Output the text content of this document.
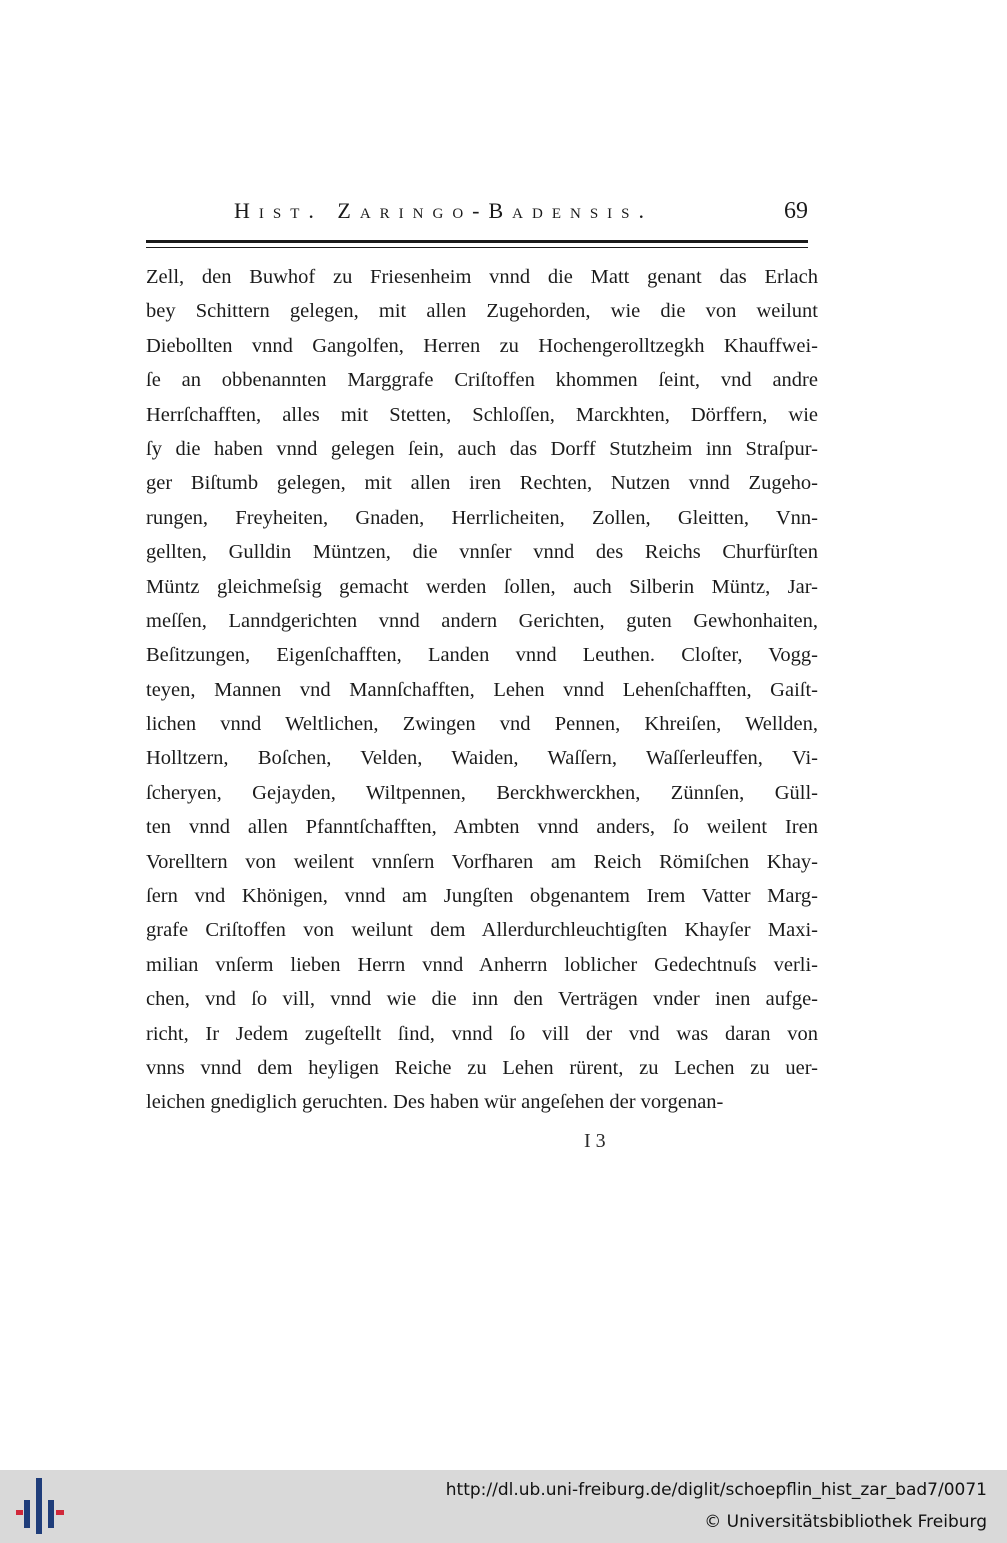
Hist. Zaringo-Badensis.	69
Zell, den Buwhof zu Friesenheim vnnd die Matt genant das Erlach
bey Schittern gelegen, mit allen Zugehorden, wie die von weilunt
Diebollten vnnd Gangolfen, Herren zu Hochengerolltzegkh Khauffwei-
ſe an obbenannten Marggrafe Criſtoffen khommen ſeint, vnd andre
Herrſchafften, alles mit Stetten, Schloſſen, Marckhten, Dörffern, wie
ſy die haben vnnd gelegen ſein, auch das Dorff Stutzheim inn Straſpur-
ger Biſtumb gelegen, mit allen iren Rechten, Nutzen vnnd Zugeho-
rungen, Freyheiten, Gnaden, Herrlicheiten, Zollen, Gleitten, Vnn-
gellten, Gulldin Müntzen, die vnnſer vnnd des Reichs Churfürſten
Müntz gleichmeſsig gemacht werden ſollen, auch Silberin Müntz, Jar-
meſſen, Lanndgerichten vnnd andern Gerichten, guten Gewhonhaiten,
Beſitzungen, Eigenſchafften, Landen vnnd Leuthen. Cloſter, Vogg-
teyen, Mannen vnd Mannſchafften, Lehen vnnd Lehenſchafften, Gaiſt-
lichen vnnd Weltlichen, Zwingen vnd Pennen, Khreiſen, Wellden,
Holltzern, Boſchen, Velden, Waiden, Waſſern, Waſſerleuffen, Vi-
ſcheryen, Gejayden, Wiltpennen, Berckhwerckhen, Zünnſen, Güll-
ten vnnd allen Pfanntſchafften, Ambten vnnd anders, ſo weilent Iren
Vorelltern von weilent vnnſern Vorfharen am Reich Römiſchen Khay-
ſern vnd Khönigen, vnnd am Jungſten obgenantem Irem Vatter Marg-
grafe Criſtoffen von weilunt dem Allerdurchleuchtigſten Khayſer Maxi-
milian vnſerm lieben Herrn vnnd Anherrn loblicher Gedechtnuſs verli-
chen, vnd ſo vill, vnnd wie die inn den Verträgen vnder inen aufge-
richt, Ir Jedem zugeſtellt ſind, vnnd ſo vill der vnd was daran von
vnns vnnd dem heyligen Reiche zu Lehen rürent, zu Lechen zu uer-
leichen gnediglich geruchten. Des haben wür angeſehen der vorgenan-
I 3
http://dl.ub.uni-freiburg.de/diglit/schoepflin_hist_zar_bad7/0071
© Universitätsbibliothek Freiburg
